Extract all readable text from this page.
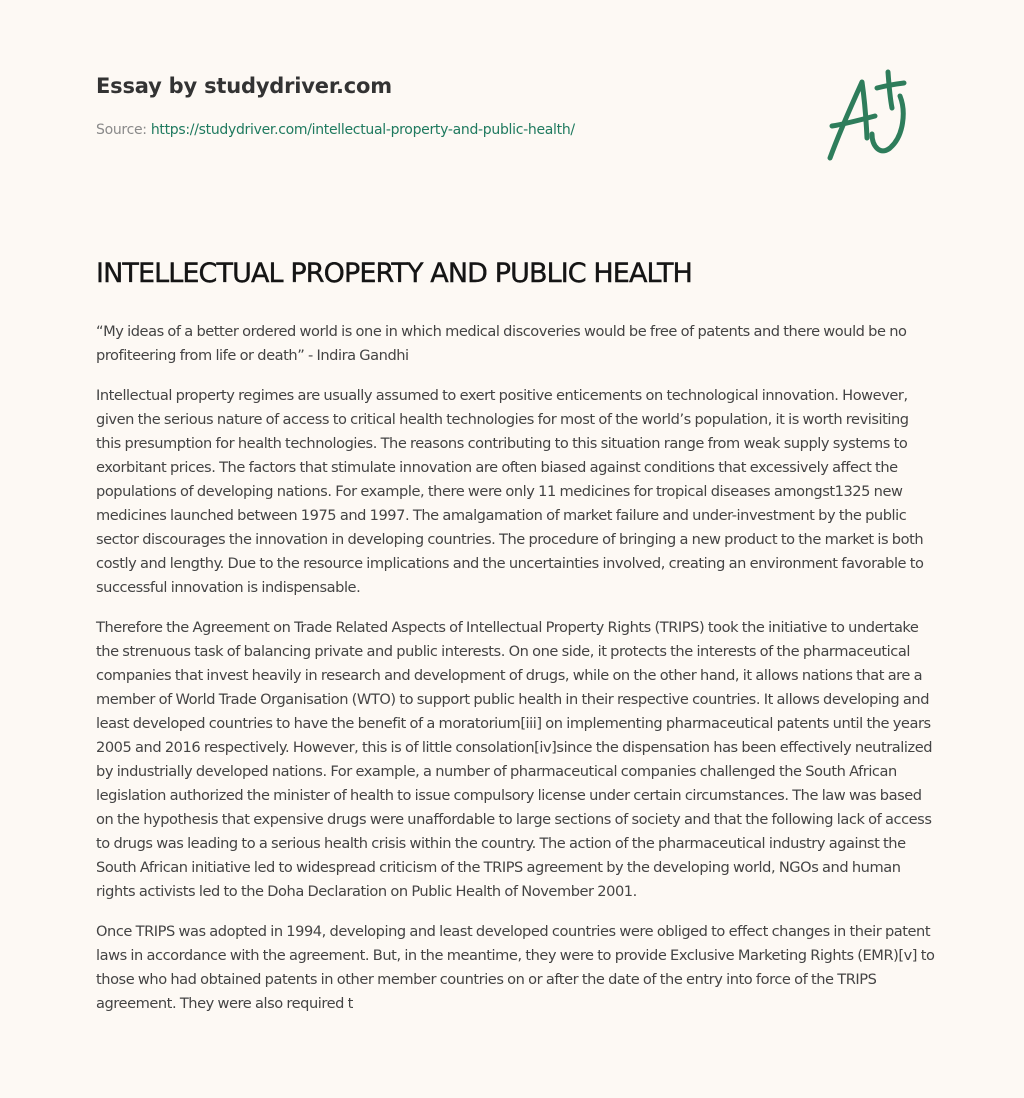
Essay by studydriver.com
Source: https://studydriver.com/intellectual-property-and-public-health/
INTELLECTUAL PROPERTY AND PUBLIC HEALTH

“My ideas of a better ordered world is one in which medical discoveries would be free of patents and there would be no profiteering from life or death” - Indira Gandhi

Intellectual property regimes are usually assumed to exert positive enticements on technological innovation. However, given the serious nature of access to critical health technologies for most of the world’s population, it is worth revisiting this presumption for health technologies. The reasons contributing to this situation range from weak supply systems to exorbitant prices. The factors that stimulate innovation are often biased against conditions that excessively affect the populations of developing nations. For example, there were only 11 medicines for tropical diseases amongst1325 new medicines launched between 1975 and 1997. The amalgamation of market failure and under-investment by the public sector discourages the innovation in developing countries. The procedure of bringing a new product to the market is both costly and lengthy. Due to the resource implications and the uncertainties involved, creating an environment favorable to successful innovation is indispensable.

Therefore the Agreement on Trade Related Aspects of Intellectual Property Rights (TRIPS) took the initiative to undertake the strenuous task of balancing private and public interests. On one side, it protects the interests of the pharmaceutical companies that invest heavily in research and development of drugs, while on the other hand, it allows nations that are a member of World Trade Organisation (WTO) to support public health in their respective countries. It allows developing and least developed countries to have the benefit of a moratorium[iii] on implementing pharmaceutical patents until the years 2005 and 2016 respectively. However, this is of little consolation[iv]since the dispensation has been effectively neutralized by industrially developed nations. For example, a number of pharmaceutical companies challenged the South African legislation authorized the minister of health to issue compulsory license under certain circumstances. The law was based on the hypothesis that expensive drugs were unaffordable to large sections of society and that the following lack of access to drugs was leading to a serious health crisis within the country. The action of the pharmaceutical industry against the South African initiative led to widespread criticism of the TRIPS agreement by the developing world, NGOs and human rights activists led to the Doha Declaration on Public Health of November 2001.

Once TRIPS was adopted in 1994, developing and least developed countries were obliged to effect changes in their patent laws in accordance with the agreement. But, in the meantime, they were to provide Exclusive Marketing Rights (EMR)[v] to those who had obtained patents in other member countries on or after the date of the entry into force of the TRIPS agreement. They were also required t
